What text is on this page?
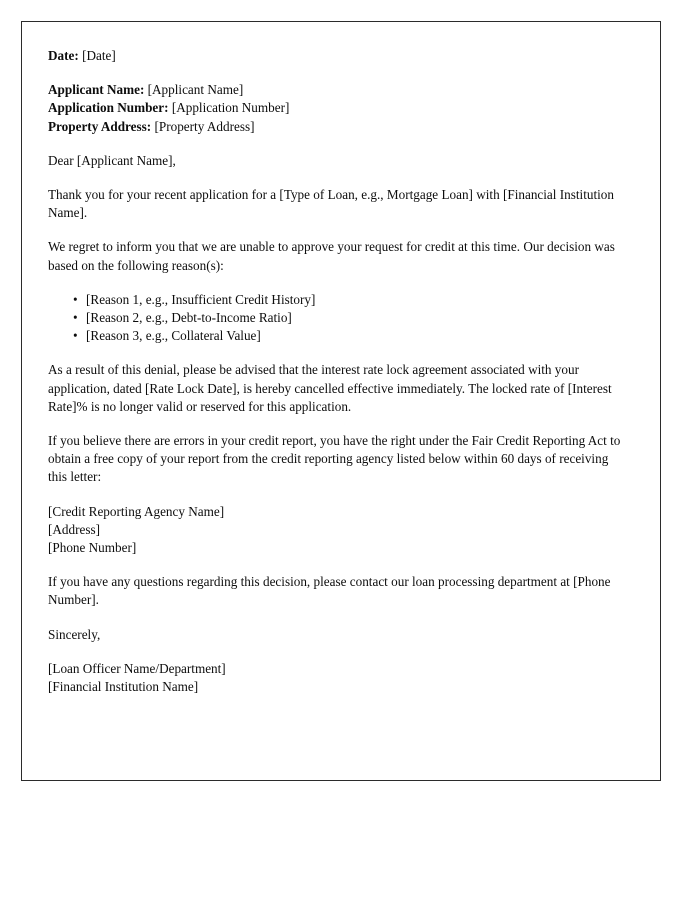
Date: [Date]
Applicant Name: [Applicant Name]
Application Number: [Application Number]
Property Address: [Property Address]
Dear [Applicant Name],

Thank you for your recent application for a [Type of Loan, e.g., Mortgage Loan] with [Financial Institution Name].

We regret to inform you that we are unable to approve your request for credit at this time. Our decision was based on the following reason(s):

• [Reason 1, e.g., Insufficient Credit History]
• [Reason 2, e.g., Debt-to-Income Ratio]
• [Reason 3, e.g., Collateral Value]

As a result of this denial, please be advised that the interest rate lock agreement associated with your application, dated [Rate Lock Date], is hereby cancelled effective immediately. The locked rate of [Interest Rate]% is no longer valid or reserved for this application.

If you believe there are errors in your credit report, you have the right under the Fair Credit Reporting Act to obtain a free copy of your report from the credit reporting agency listed below within 60 days of receiving this letter:

[Credit Reporting Agency Name]
[Address]
[Phone Number]

If you have any questions regarding this decision, please contact our loan processing department at [Phone Number].

Sincerely,
[Loan Officer Name/Department]
[Financial Institution Name]
